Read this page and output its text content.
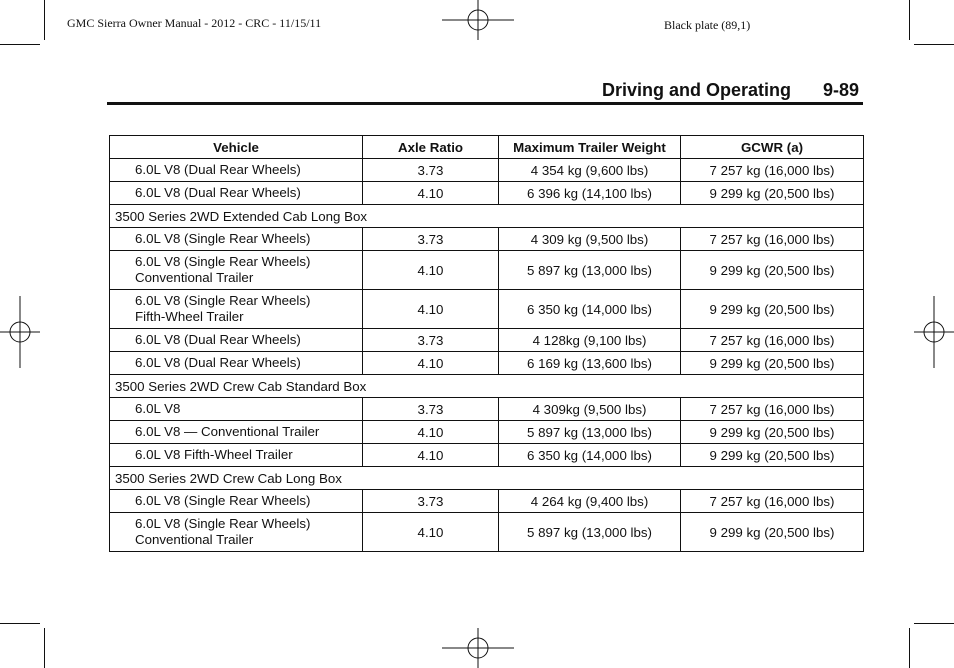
GMC Sierra Owner Manual - 2012 - CRC - 11/15/11	Black plate (89,1)
Driving and Operating 9-89
Vehicle	Axle Ratio	Maximum Trailer Weight	GCWR (a)

6.0L V8 (Dual Rear Wheels)	3.73	4 354 kg (9,600 lbs)	7 257 kg (16,000 lbs)

6.0L V8 (Dual Rear Wheels)	4.10	6 396 kg (14,100 lbs)	9 299 kg (20,500 lbs)
3500 Series 2WD Extended Cab Long Box			

6.0L V8 (Single Rear Wheels)	3.73	4 309 kg (9,500 lbs)	7 257 kg (16,000 lbs)

6.0L V8 (Single Rear Wheels)
Conventional Trailer	4.10	5 897 kg (13,000 lbs)	9 299 kg (20,500 lbs)

6.0L V8 (Single Rear Wheels)
Fifth-Wheel Trailer	4.10	6 350 kg (14,000 lbs)	9 299 kg (20,500 lbs)

6.0L V8 (Dual Rear Wheels)	3.73	4 128kg (9,100 lbs)	7 257 kg (16,000 lbs)

6.0L V8 (Dual Rear Wheels)	4.10	6 169 kg (13,600 lbs)	9 299 kg (20,500 lbs)
3500 Series 2WD Crew Cab Standard Box			

6.0L V8	3.73	4 309kg (9,500 lbs)	7 257 kg (16,000 lbs)

6.0L V8 — Conventional Trailer	4.10	5 897 kg (13,000 lbs)	9 299 kg (20,500 lbs)

6.0L V8 Fifth-Wheel Trailer	4.10	6 350 kg (14,000 lbs)	9 299 kg (20,500 lbs)
3500 Series 2WD Crew Cab Long Box			

6.0L V8 (Single Rear Wheels)	3.73	4 264 kg (9,400 lbs)	7 257 kg (16,000 lbs)

6.0L V8 (Single Rear Wheels)
Conventional Trailer	4.10	5 897 kg (13,000 lbs)	9 299 kg (20,500 lbs)
